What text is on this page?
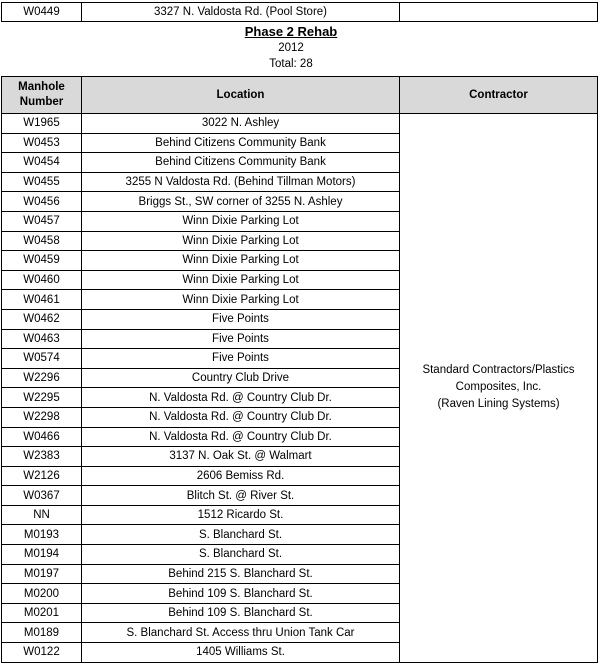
W0449	3327 N. Valdosta Rd. (Pool Store)	
Phase 2 Rehab
2012
Total: 28
Manhole Number	Location	Contractor
W1965	3022 N. Ashley	Standard Contractors/Plastics
Composites, Inc.
(Raven Lining Systems)

W0453	Behind Citizens Community Bank	
W0454	Behind Citizens Community Bank	
W0455	3255 N Valdosta Rd. (Behind Tillman Motors)	
W0456	Briggs St., SW corner of 3255 N. Ashley	
W0457	Winn Dixie Parking Lot	
W0458	Winn Dixie Parking Lot	
W0459	Winn Dixie Parking Lot	
W0460	Winn Dixie Parking Lot	
W0461	Winn Dixie Parking Lot	
W0462	Five Points	
W0463	Five Points	
W0574	Five Points	
W2296	Country Club Drive	
W2295	N. Valdosta Rd. @ Country Club Dr.	
W2298	N. Valdosta Rd. @ Country Club Dr.	
W0466	N. Valdosta Rd. @ Country Club Dr.	
W2383	3137 N. Oak St. @ Walmart	
W2126	2606 Bemiss Rd.	
W0367	Blitch St. @ River St.	
NN	1512 Ricardo St.	
M0193	S. Blanchard St.	
M0194	S. Blanchard St.	
M0197	Behind 215 S. Blanchard St.	
M0200	Behind 109 S. Blanchard St.	
M0201	Behind 109 S. Blanchard St.	
M0189	S. Blanchard St. Access thru Union Tank Car	
W0122	1405 Williams St.	
